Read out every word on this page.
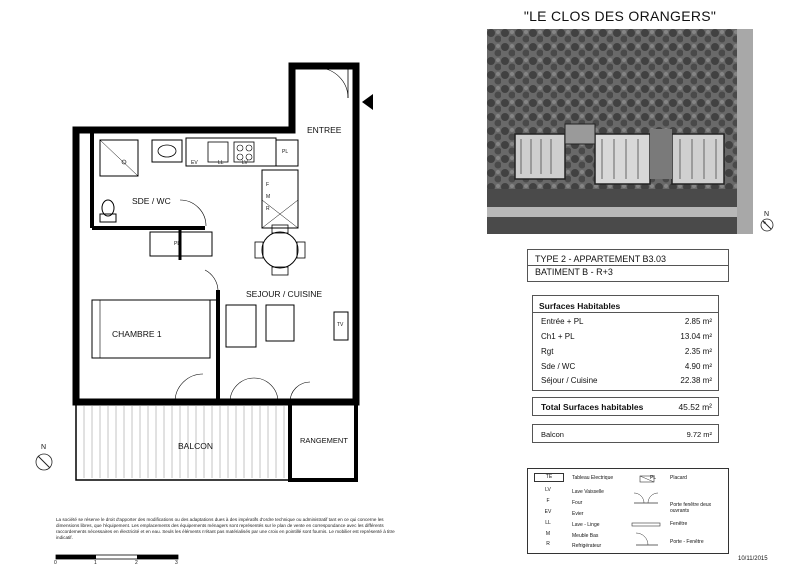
"LE CLOS DES ORANGERS"
N
TYPE 2 - APPARTEMENT B3.03
BATIMENT B - R+3
Surfaces Habitables
Entrée + PL	2.85 m²
Ch1 + PL	13.04 m²
Rgt	2.35 m²
Sde / WC	4.90 m²
Séjour / Cuisine	22.38 m²
Total Surfaces habitables	45.52 m²
Balcon	9.72 m²
TE	Tableau Electrique
LV	Lave Vaisselle
F	Four
EV	Evier
LL	Lave - Linge
M	Meuble Bas
R	Refrigérateur
PL	Placard
Porte fenêtre deux ouvrants
Fenêtre
Porte - Fenêtre
ENTREE
SDE / WC
SEJOUR / CUISINE
CHAMBRE 1
BALCON
RANGEMENT
PL
PL
EV	LL	LV
F
M
R
TV
N
0	1	2	3
La société se réserve le droit d'apporter des modifications ou des adaptations dues à des impératifs d'ordre technique ou administratif tant en ce qui concerne les dimensions libres, que l'équipement. Les emplacements des équipements ménagers sont représentés sur le plan de vente en correspondance avec les différents raccordements nécessaires en électricité et en eau. Seuls les éléments n'étant pas matérialisés par une croix en pointillé sont fournis. Le mobilier est représenté à titre indicatif.
10/11/2015
